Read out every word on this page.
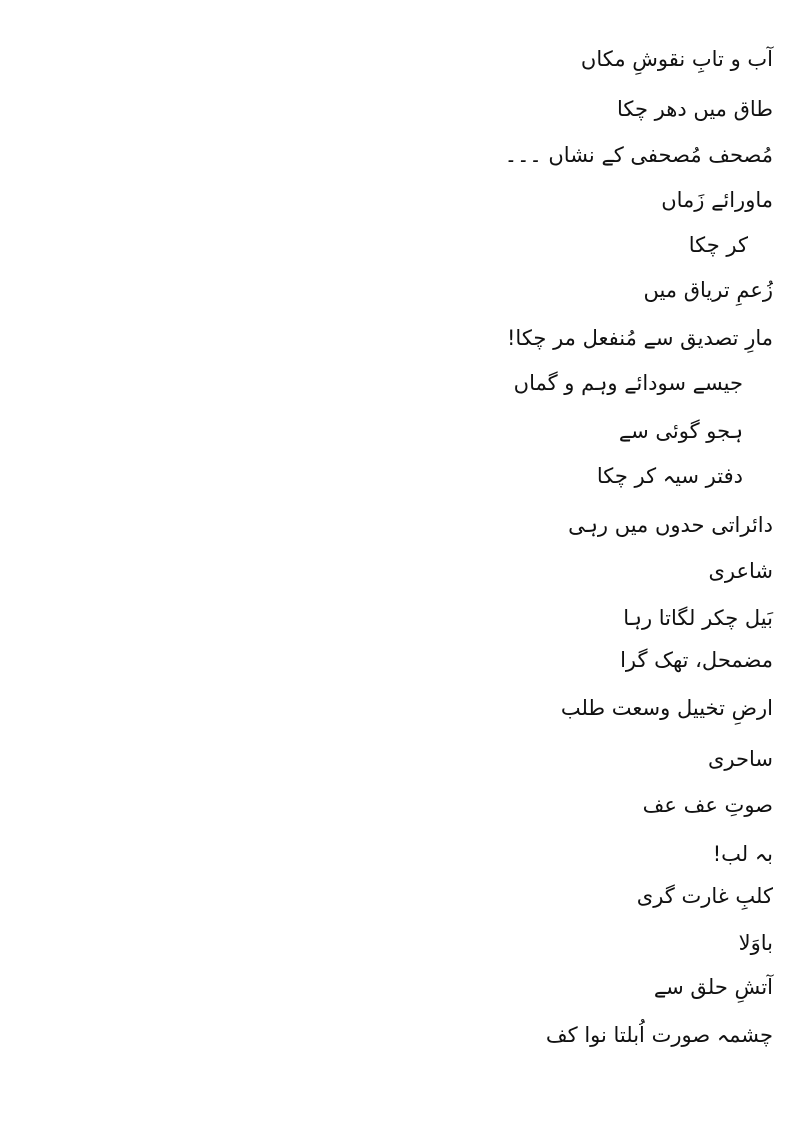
آب و تابِ نقوشِ مکاں
طاق میں دھر چکا
مُصحف مُصحفی کے نشاں ۔۔۔
ماورائے زَماں
کر چکا
زُعمِ تریاق میں
مارِ تصدیق سے مُنفعل مر چکا!
جیسے سودائے وہم و گماں
ہجو گوئی سے
دفتر سیہ کر چکا
دائراتی حدوں میں رہی
شاعری
بَیل چکر لگاتا رہا
مضمحل، تھک گرا
ارضِ تخییل وسعت طلب
ساحری
صوتِ عف عف
بہ لب!
کلبِ غارت گری
باوَلا
آتشِ حلق سے
چشمہ صورت اُبلتا نوا کف
